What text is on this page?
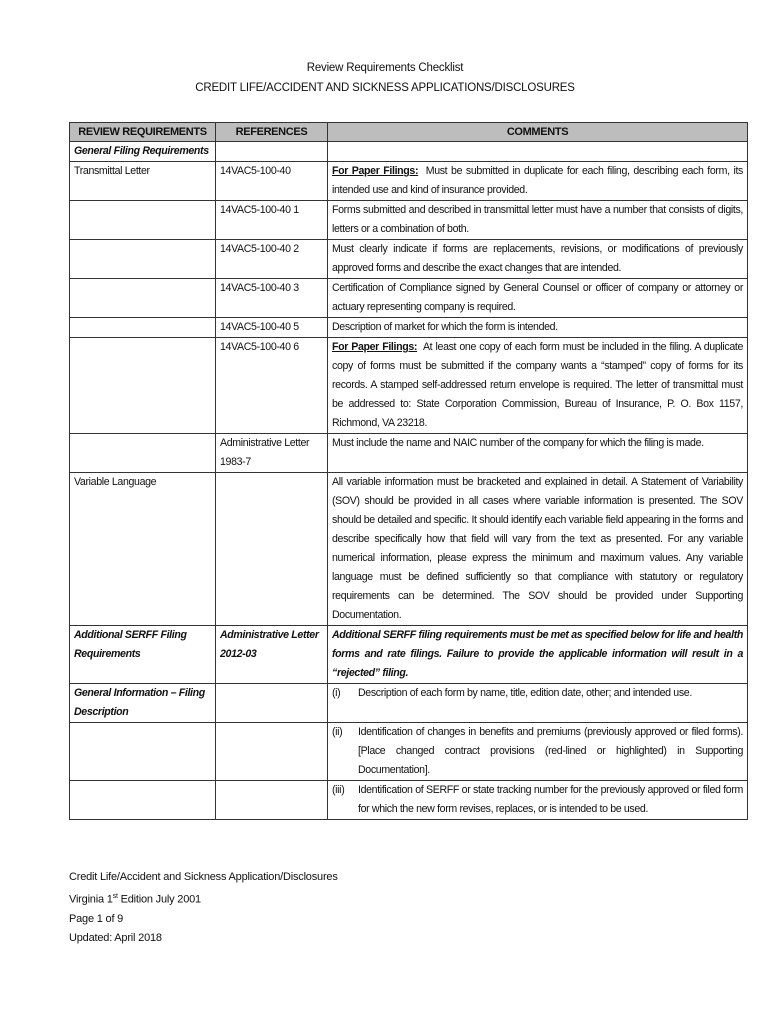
Review Requirements Checklist
CREDIT LIFE/ACCIDENT AND SICKNESS APPLICATIONS/DISCLOSURES
REVIEW REQUIREMENTS	REFERENCES	COMMENTS
General Filing Requirements		
Transmittal Letter	14VAC5-100-40	For Paper Filings: Must be submitted in duplicate for each filing, describing each form, its intended use and kind of insurance provided.
	14VAC5-100-40 1	Forms submitted and described in transmittal letter must have a number that consists of digits, letters or a combination of both.
	14VAC5-100-40 2	Must clearly indicate if forms are replacements, revisions, or modifications of previously approved forms and describe the exact changes that are intended.
	14VAC5-100-40 3	Certification of Compliance signed by General Counsel or officer of company or attorney or actuary representing company is required.
	14VAC5-100-40 5	Description of market for which the form is intended.
	14VAC5-100-40 6	For Paper Filings: At least one copy of each form must be included in the filing. A duplicate copy of forms must be submitted if the company wants a “stamped” copy of forms for its records. A stamped self-addressed return envelope is required. The letter of transmittal must be addressed to: State Corporation Commission, Bureau of Insurance, P. O. Box 1157, Richmond, VA 23218.
	Administrative Letter 1983-7	Must include the name and NAIC number of the company for which the filing is made.
Variable Language		All variable information must be bracketed and explained in detail. A Statement of Variability (SOV) should be provided in all cases where variable information is presented. The SOV should be detailed and specific. It should identify each variable field appearing in the forms and describe specifically how that field will vary from the text as presented. For any variable numerical information, please express the minimum and maximum values. Any variable language must be defined sufficiently so that compliance with statutory or regulatory requirements can be determined. The SOV should be provided under Supporting Documentation.
Additional SERFF Filing Requirements	Administrative Letter 2012-03	Additional SERFF filing requirements must be met as specified below for life and health forms and rate filings. Failure to provide the applicable information will result in a “rejected” filing.
General Information – Filing Description		(i) Description of each form by name, title, edition date, other; and intended use.

		(ii) Identification of changes in benefits and premiums (previously approved or filed forms). [Place changed contract provisions (red-lined or highlighted) in Supporting Documentation].

		(iii) Identification of SERFF or state tracking number for the previously approved or filed form for which the new form revises, replaces, or is intended to be used.
Credit Life/Accident and Sickness Application/Disclosures
Virginia 1st Edition July 2001
Page 1 of 9
Updated: April 2018
